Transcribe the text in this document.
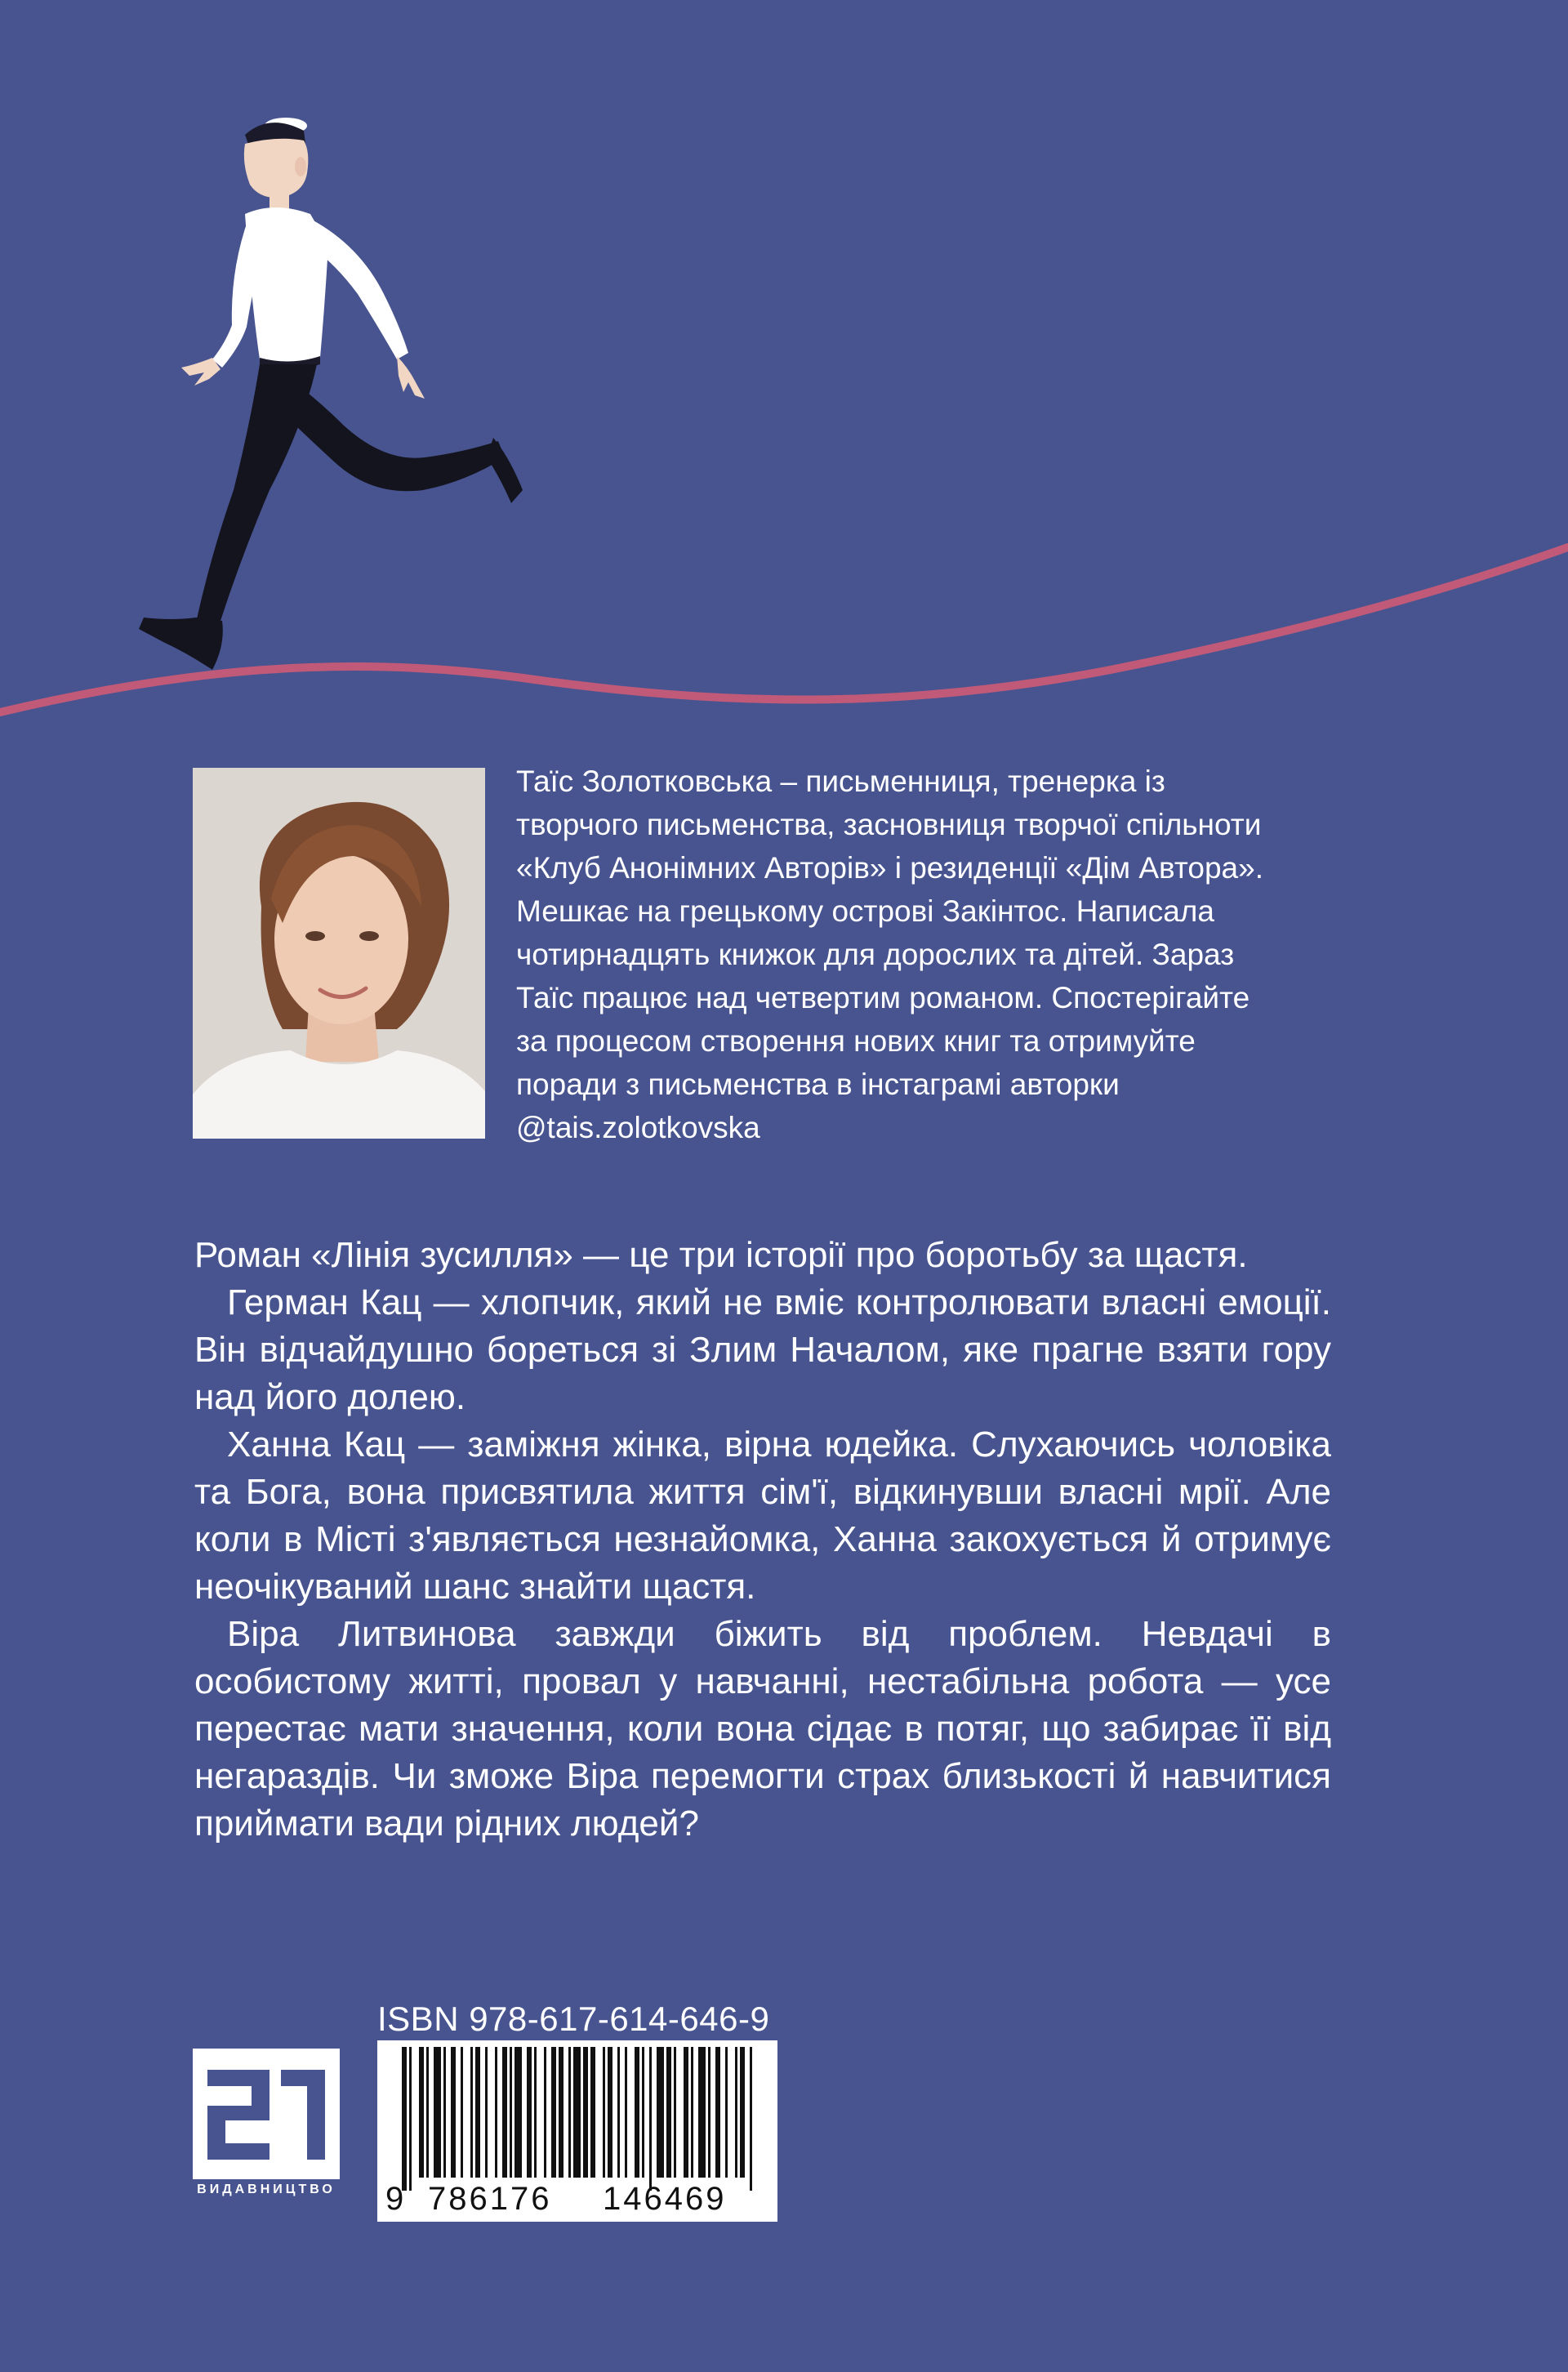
Таїс Золотковська – письменниця, тренерка із
творчого письменства, засновниця творчої спільноти
«Клуб Анонімних Авторів» і резиденції «Дім Автора».
Мешкає на грецькому острові Закінтос. Написала
чотирнадцять книжок для дорослих та дітей. Зараз
Таїс працює над четвертим романом. Спостерігайте
за процесом створення нових книг та отримуйте
поради з письменства в інстаграмі авторки
@tais.zolotkovska

Роман «Лінія зусилля» — це три історії про боротьбу за щастя.

Герман Кац — хлопчик, який не вміє контролювати власні емоції. Він відчайдушно бореться зі Злим Началом, яке прагне взяти гору над його долею.

Ханна Кац — заміжня жінка, вірна юдейка. Слухаючись чоловіка та Бога, вона присвятила життя сім'ї, відкинувши власні мрії. Але коли в Місті з'являється незнайомка, Ханна закохується й отримує неочікуваний шанс знайти щастя.

Віра Литвинова завжди біжить від проблем. Невдачі в особистому житті, провал у навчанні, нестабільна робота — усе перестає мати значення, коли вона сідає в потяг, що забирає її від негараздів. Чи зможе Віра перемогти страх близькості й навчитися приймати вади рідних людей?

ВИДАВНИЦТВО
ISBN 978-617-614-646-9
9 786176 146469
